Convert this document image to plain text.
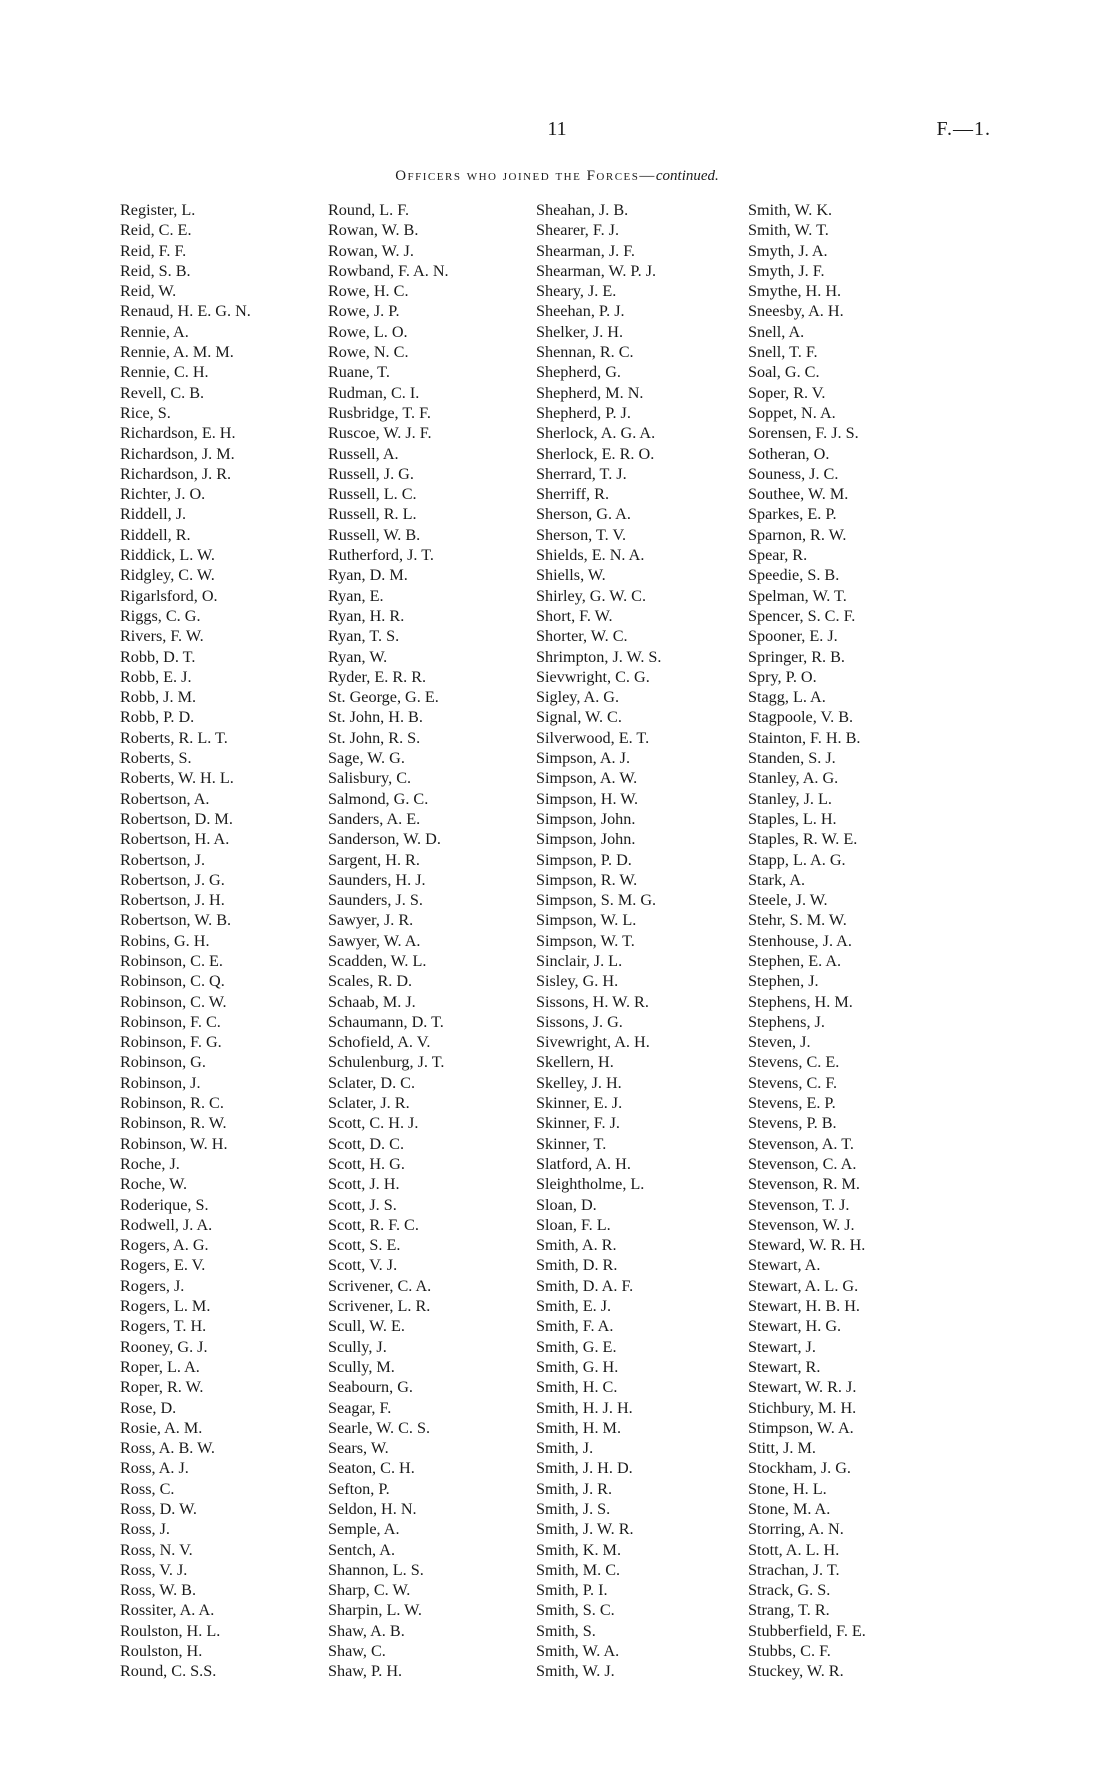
11	F.—1.
Officers who joined the Forces—continued.
Register, L.
Reid, C. E.
Reid, F. F.
Reid, S. B.
Reid, W.
Renaud, H. E. G. N.
Rennie, A.
Rennie, A. M. M.
Rennie, C. H.
Revell, C. B.
Rice, S.
Richardson, E. H.
Richardson, J. M.
Richardson, J. R.
Richter, J. O.
Riddell, J.
Riddell, R.
Riddick, L. W.
Ridgley, C. W.
Rigarlsford, O.
Riggs, C. G.
Rivers, F. W.
Robb, D. T.
Robb, E. J.
Robb, J. M.
Robb, P. D.
Roberts, R. L. T.
Roberts, S.
Roberts, W. H. L.
Robertson, A.
Robertson, D. M.
Robertson, H. A.
Robertson, J.
Robertson, J. G.
Robertson, J. H.
Robertson, W. B.
Robins, G. H.
Robinson, C. E.
Robinson, C. Q.
Robinson, C. W.
Robinson, F. C.
Robinson, F. G.
Robinson, G.
Robinson, J.
Robinson, R. C.
Robinson, R. W.
Robinson, W. H.
Roche, J.
Roche, W.
Roderique, S.
Rodwell, J. A.
Rogers, A. G.
Rogers, E. V.
Rogers, J.
Rogers, L. M.
Rogers, T. H.
Rooney, G. J.
Roper, L. A.
Roper, R. W.
Rose, D.
Rosie, A. M.
Ross, A. B. W.
Ross, A. J.
Ross, C.
Ross, D. W.
Ross, J.
Ross, N. V.
Ross, V. J.
Ross, W. B.
Rossiter, A. A.
Roulston, H. L.
Roulston, H.
Round, C. S.S.
Round, L. F.
Rowan, W. B.
Rowan, W. J.
Rowband, F. A. N.
Rowe, H. C.
Rowe, J. P.
Rowe, L. O.
Rowe, N. C.
Ruane, T.
Rudman, C. I.
Rusbridge, T. F.
Ruscoe, W. J. F.
Russell, A.
Russell, J. G.
Russell, L. C.
Russell, R. L.
Russell, W. B.
Rutherford, J. T.
Ryan, D. M.
Ryan, E.
Ryan, H. R.
Ryan, T. S.
Ryan, W.
Ryder, E. R. R.
St. George, G. E.
St. John, H. B.
St. John, R. S.
Sage, W. G.
Salisbury, C.
Salmond, G. C.
Sanders, A. E.
Sanderson, W. D.
Sargent, H. R.
Saunders, H. J.
Saunders, J. S.
Sawyer, J. R.
Sawyer, W. A.
Scadden, W. L.
Scales, R. D.
Schaab, M. J.
Schaumann, D. T.
Schofield, A. V.
Schulenburg, J. T.
Sclater, D. C.
Sclater, J. R.
Scott, C. H. J.
Scott, D. C.
Scott, H. G.
Scott, J. H.
Scott, J. S.
Scott, R. F. C.
Scott, S. E.
Scott, V. J.
Scrivener, C. A.
Scrivener, L. R.
Scull, W. E.
Scully, J.
Scully, M.
Seabourn, G.
Seagar, F.
Searle, W. C. S.
Sears, W.
Seaton, C. H.
Sefton, P.
Seldon, H. N.
Semple, A.
Sentch, A.
Shannon, L. S.
Sharp, C. W.
Sharpin, L. W.
Shaw, A. B.
Shaw, C.
Shaw, P. H.
Sheahan, J. B.
Shearer, F. J.
Shearman, J. F.
Shearman, W. P. J.
Sheary, J. E.
Sheehan, P. J.
Shelker, J. H.
Shennan, R. C.
Shepherd, G.
Shepherd, M. N.
Shepherd, P. J.
Sherlock, A. G. A.
Sherlock, E. R. O.
Sherrard, T. J.
Sherriff, R.
Sherson, G. A.
Sherson, T. V.
Shields, E. N. A.
Shiells, W.
Shirley, G. W. C.
Short, F. W.
Shorter, W. C.
Shrimpton, J. W. S.
Sievwright, C. G.
Sigley, A. G.
Signal, W. C.
Silverwood, E. T.
Simpson, A. J.
Simpson, A. W.
Simpson, H. W.
Simpson, John.
Simpson, John.
Simpson, P. D.
Simpson, R. W.
Simpson, S. M. G.
Simpson, W. L.
Simpson, W. T.
Sinclair, J. L.
Sisley, G. H.
Sissons, H. W. R.
Sissons, J. G.
Sivewright, A. H.
Skellern, H.
Skelley, J. H.
Skinner, E. J.
Skinner, F. J.
Skinner, T.
Slatford, A. H.
Sleightholme, L.
Sloan, D.
Sloan, F. L.
Smith, A. R.
Smith, D. R.
Smith, D. A. F.
Smith, E. J.
Smith, F. A.
Smith, G. E.
Smith, G. H.
Smith, H. C.
Smith, H. J. H.
Smith, H. M.
Smith, J.
Smith, J. H. D.
Smith, J. R.
Smith, J. S.
Smith, J. W. R.
Smith, K. M.
Smith, M. C.
Smith, P. I.
Smith, S. C.
Smith, S.
Smith, W. A.
Smith, W. J.
Smith, W. K.
Smith, W. T.
Smyth, J. A.
Smyth, J. F.
Smythe, H. H.
Sneesby, A. H.
Snell, A.
Snell, T. F.
Soal, G. C.
Soper, R. V.
Soppet, N. A.
Sorensen, F. J. S.
Sotheran, O.
Souness, J. C.
Southee, W. M.
Sparkes, E. P.
Sparnon, R. W.
Spear, R.
Speedie, S. B.
Spelman, W. T.
Spencer, S. C. F.
Spooner, E. J.
Springer, R. B.
Spry, P. O.
Stagg, L. A.
Stagpoole, V. B.
Stainton, F. H. B.
Standen, S. J.
Stanley, A. G.
Stanley, J. L.
Staples, L. H.
Staples, R. W. E.
Stapp, L. A. G.
Stark, A.
Steele, J. W.
Stehr, S. M. W.
Stenhouse, J. A.
Stephen, E. A.
Stephen, J.
Stephens, H. M.
Stephens, J.
Steven, J.
Stevens, C. E.
Stevens, C. F.
Stevens, E. P.
Stevens, P. B.
Stevenson, A. T.
Stevenson, C. A.
Stevenson, R. M.
Stevenson, T. J.
Stevenson, W. J.
Steward, W. R. H.
Stewart, A.
Stewart, A. L. G.
Stewart, H. B. H.
Stewart, H. G.
Stewart, J.
Stewart, R.
Stewart, W. R. J.
Stichbury, M. H.
Stimpson, W. A.
Stitt, J. M.
Stockham, J. G.
Stone, H. L.
Stone, M. A.
Storring, A. N.
Stott, A. L. H.
Strachan, J. T.
Strack, G. S.
Strang, T. R.
Stubberfield, F. E.
Stubbs, C. F.
Stuckey, W. R.
